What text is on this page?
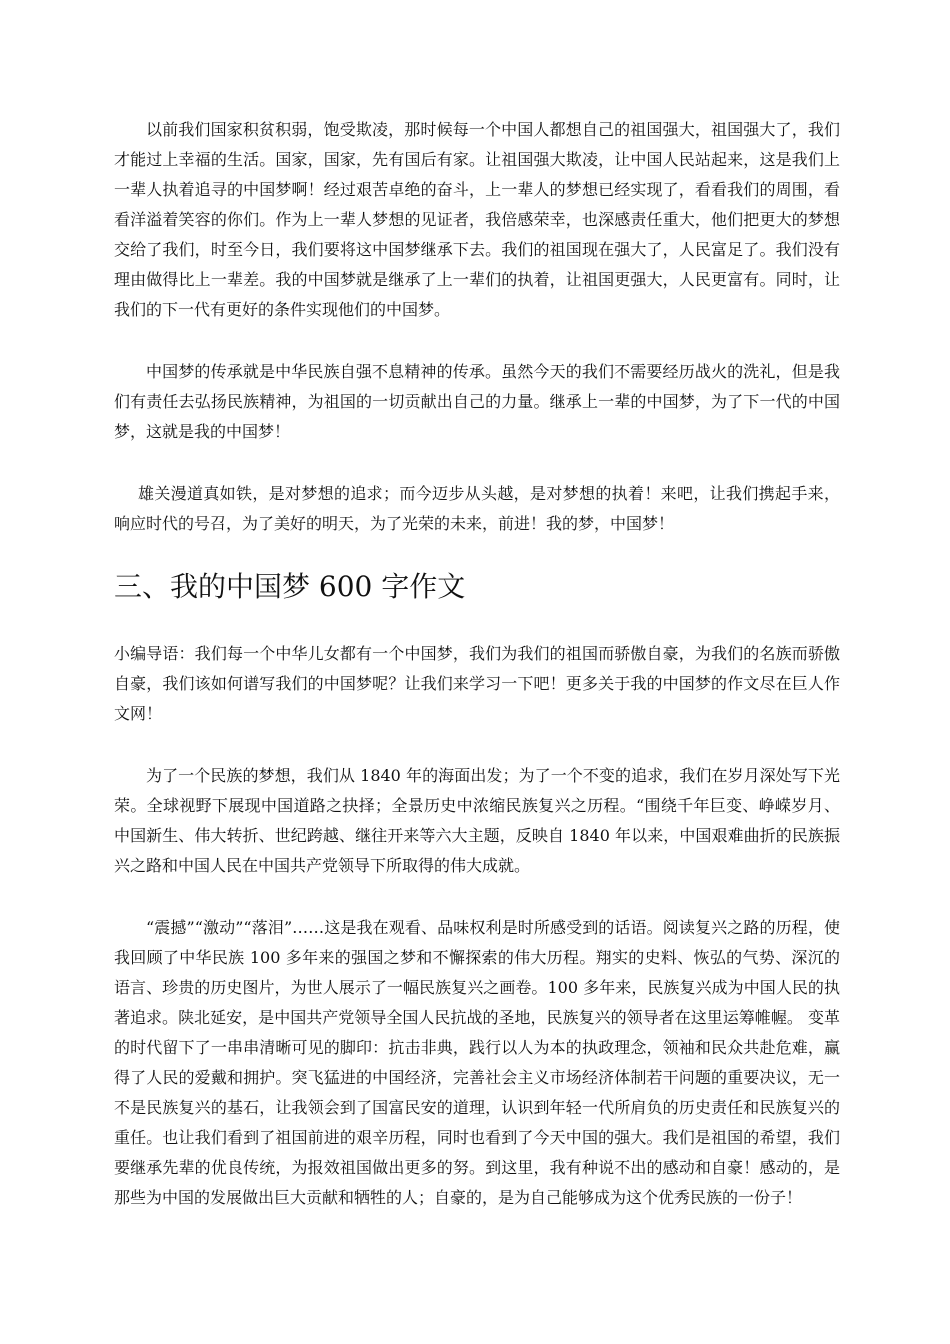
以前我们国家积贫积弱，饱受欺凌，那时候每一个中国人都想自己的祖国强大，祖国强大了，我们才能过上幸福的生活。国家，国家，先有国后有家。让祖国强大欺凌，让中国人民站起来，这是我们上一辈人执着追寻的中国梦啊！经过艰苦卓绝的奋斗，上一辈人的梦想已经实现了，看看我们的周围，看看洋溢着笑容的你们。作为上一辈人梦想的见证者，我倍感荣幸，也深感责任重大，他们把更大的梦想交给了我们，时至今日，我们要将这中国梦继承下去。我们的祖国现在强大了，人民富足了。我们没有理由做得比上一辈差。我的中国梦就是继承了上一辈们的执着，让祖国更强大，人民更富有。同时，让我们的下一代有更好的条件实现他们的中国梦。

中国梦的传承就是中华民族自强不息精神的传承。虽然今天的我们不需要经历战火的洗礼，但是我们有责任去弘扬民族精神，为祖国的一切贡献出自己的力量。继承上一辈的中国梦，为了下一代的中国梦，这就是我的中国梦！

雄关漫道真如铁，是对梦想的追求；而今迈步从头越，是对梦想的执着！来吧，让我们携起手来，响应时代的号召，为了美好的明天，为了光荣的未来，前进！我的梦，中国梦！

三、我的中国梦 600 字作文

小编导语：我们每一个中华儿女都有一个中国梦，我们为我们的祖国而骄傲自豪，为我们的名族而骄傲自豪，我们该如何谱写我们的中国梦呢？让我们来学习一下吧！更多关于我的中国梦的作文尽在巨人作文网！

为了一个民族的梦想，我们从 1840 年的海面出发；为了一个不变的追求，我们在岁月深处写下光荣。全球视野下展现中国道路之抉择；全景历史中浓缩民族复兴之历程。“围绕千年巨变、峥嵘岁月、中国新生、伟大转折、世纪跨越、继往开来等六大主题，反映自 1840 年以来，中国艰难曲折的民族振兴之路和中国人民在中国共产党领导下所取得的伟大成就。

“震撼”“激动”“落泪”……这是我在观看、品味权利是时所感受到的话语。阅读复兴之路的历程，使我回顾了中华民族 100 多年来的强国之梦和不懈探索的伟大历程。翔实的史料、恢弘的气势、深沉的语言、珍贵的历史图片，为世人展示了一幅民族复兴之画卷。100 多年来，民族复兴成为中国人民的执著追求。陕北延安，是中国共产党领导全国人民抗战的圣地，民族复兴的领导者在这里运筹帷幄。 变革的时代留下了一串串清晰可见的脚印：抗击非典，践行以人为本的执政理念，领袖和民众共赴危难，赢得了人民的爱戴和拥护。突飞猛进的中国经济，完善社会主义市场经济体制若干问题的重要决议，无一不是民族复兴的基石，让我领会到了国富民安的道理，认识到年轻一代所肩负的历史责任和民族复兴的重任。也让我们看到了祖国前进的艰辛历程，同时也看到了今天中国的强大。我们是祖国的希望，我们要继承先辈的优良传统，为报效祖国做出更多的努。到这里，我有种说不出的感动和自豪！感动的，是那些为中国的发展做出巨大贡献和牺牲的人；自豪的，是为自己能够成为这个优秀民族的一份子！
